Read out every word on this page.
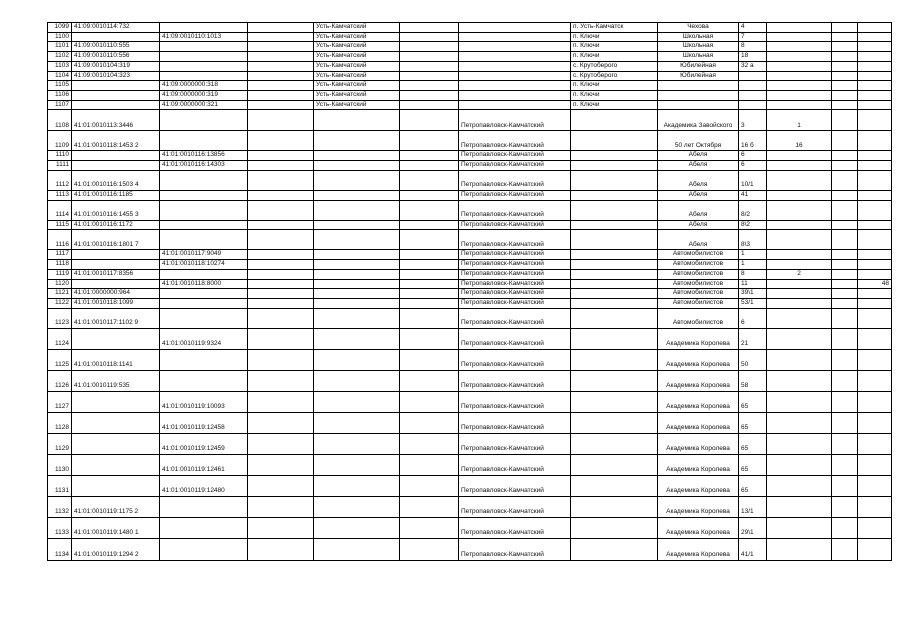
1099	41:09:0010114:732			Усть-Камчатский			п. Усть-Камчатск	Чехова	4			
1100		41:09:0010110:1013		Усть-Камчатский			п. Ключи	Школьная	7			
1101	41:09:0010110:555			Усть-Камчатский			п. Ключи	Школьная	8			
1102	41:09:0010110:556			Усть-Камчатский			п. Ключи	Школьная	18			
1103	41:09:0010104:319			Усть-Камчатский			с. Крутоберого	Юбилейная	32 а			
1104	41:09:0010104:323			Усть-Камчатский			с. Крутоберого	Юбилейная				
1105		41:09:0000000:318		Усть-Камчатский			п. Ключи					
1106		41:09:0000000:319		Усть-Камчатский			п. Ключи					
1107		41:09:0000000:321		Усть-Камчатский			п. Ключи					
1108	41:01:0010113:3446					Петропавловск-Камчатский		Академика Завойского	3	1		
1109	41:01:0010118:1453 2					Петропавловск-Камчатский		50 лет Октября	16 б	16		
1110		41:01:0010116:13856				Петропавловск-Камчатский		Абеля	6			
1111		41:01:0010116:14303				Петропавловск-Камчатский		Абеля	6			
1112	41:01:0010116:1503 4					Петропавловск-Камчатский		Абеля	10/1			
1113	41:01:0010116:1185					Петропавловск-Камчатский		Абеля	41			
1114	41:01:0010116:1455 3					Петропавловск-Камчатский		Абеля	8/2			
1115	41:01:0010116:1172					Петропавловск-Камчатский		Абеля	8\2			
1116	41:01:0010116:1801 7					Петропавловск-Камчатский		Абеля	8\3			
1117		41:01:0010117:9049				Петропавловск-Камчатский		Автомобилистов	1			
1118		41:01:0010118:10274				Петропавловск-Камчатский		Автомобилистов	1			
1119	41:01:0010117:8356					Петропавловск-Камчатский		Автомобилистов	8	2		
1120		41:01:0010118:8000				Петропавловск-Камчатский		Автомобилистов	11			48
1121	41:01:0000000:964					Петропавловск-Камчатский		Автомобилистов	39\1			
1122	41:01:0010118:1099					Петропавловск-Камчатский		Автомобилистов	53/1			
1123	41:01:0010117:1102 9					Петропавловск-Камчатский		Автомобилистов	6			
1124		41:01:0010119:9324				Петропавловск-Камчатский		Академика Королева	21			
1125	41:01:0010118:1141					Петропавловск-Камчатский		Академика Королева	50			
1126	41:01:0010119:535					Петропавловск-Камчатский		Академика Королева	58			
1127		41:01:0010119:10093				Петропавловск-Камчатский		Академика Королева	65			
1128		41:01:0010119:12458				Петропавловск-Камчатский		Академика Королева	65			
1129		41:01:0010119:12459				Петропавловск-Камчатский		Академика Королева	65			
1130		41:01:0010119:12461				Петропавловск-Камчатский		Академика Королева	65			
1131		41:01:0010119:12480				Петропавловск-Камчатский		Академика Королева	65			
1132	41:01:0010119:1175 2					Петропавловск-Камчатский		Академика Королева	13/1			
1133	41:01:0010119:1480 1					Петропавловск-Камчатский		Академика Королева	29\1			
1134	41:01:0010119:1294 2					Петропавловск-Камчатский		Академика Королева	41/1			
